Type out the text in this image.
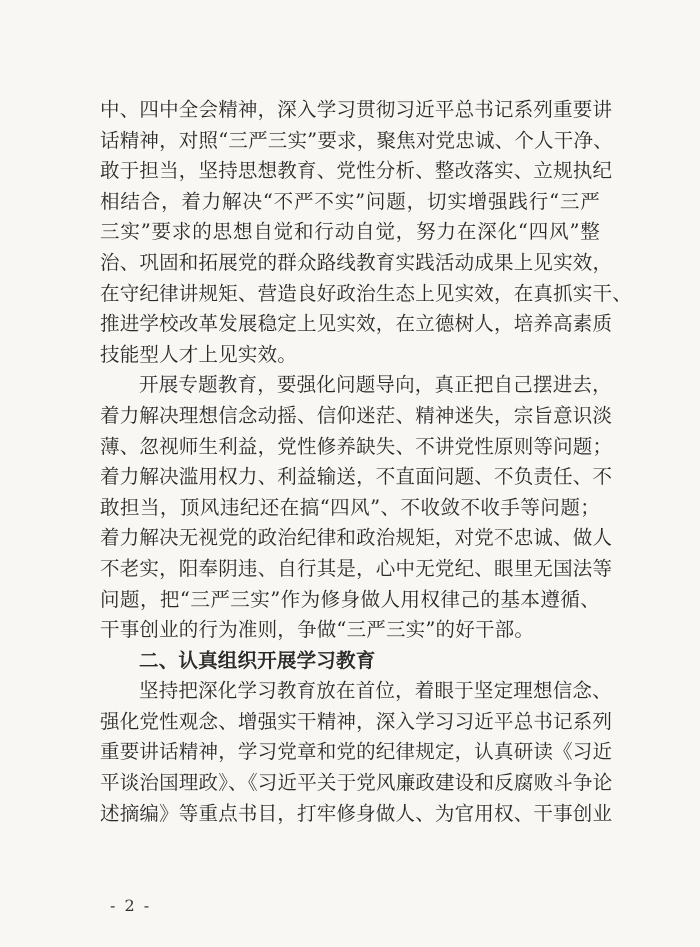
中、四中全会精神，深入学习贯彻习近平总书记系列重要讲
话精神，对照“三严三实”要求，聚焦对党忠诚、个人干净、
敢于担当，坚持思想教育、党性分析、整改落实、立规执纪
相结合，着力解决“不严不实”问题，切实增强践行“三严
三实”要求的思想自觉和行动自觉，努力在深化“四风”整
治、巩固和拓展党的群众路线教育实践活动成果上见实效，
在守纪律讲规矩、营造良好政治生态上见实效，在真抓实干、
推进学校改革发展稳定上见实效，在立德树人，培养高素质
技能型人才上见实效。
开展专题教育，要强化问题导向，真正把自己摆进去，
着力解决理想信念动摇、信仰迷茫、精神迷失，宗旨意识淡
薄、忽视师生利益，党性修养缺失、不讲党性原则等问题；
着力解决滥用权力、利益输送，不直面问题、不负责任、不
敢担当，顶风违纪还在搞“四风”、不收敛不收手等问题；
着力解决无视党的政治纪律和政治规矩，对党不忠诚、做人
不老实，阳奉阴违、自行其是，心中无党纪、眼里无国法等
问题，把“三严三实”作为修身做人用权律己的基本遵循、
干事创业的行为准则，争做“三严三实”的好干部。
二、认真组织开展学习教育
坚持把深化学习教育放在首位，着眼于坚定理想信念、
强化党性观念、增强实干精神，深入学习习近平总书记系列
重要讲话精神，学习党章和党的纪律规定，认真研读《习近
平谈治国理政》、《习近平关于党风廉政建设和反腐败斗争论
述摘编》等重点书目，打牢修身做人、为官用权、干事创业
- 2 -
